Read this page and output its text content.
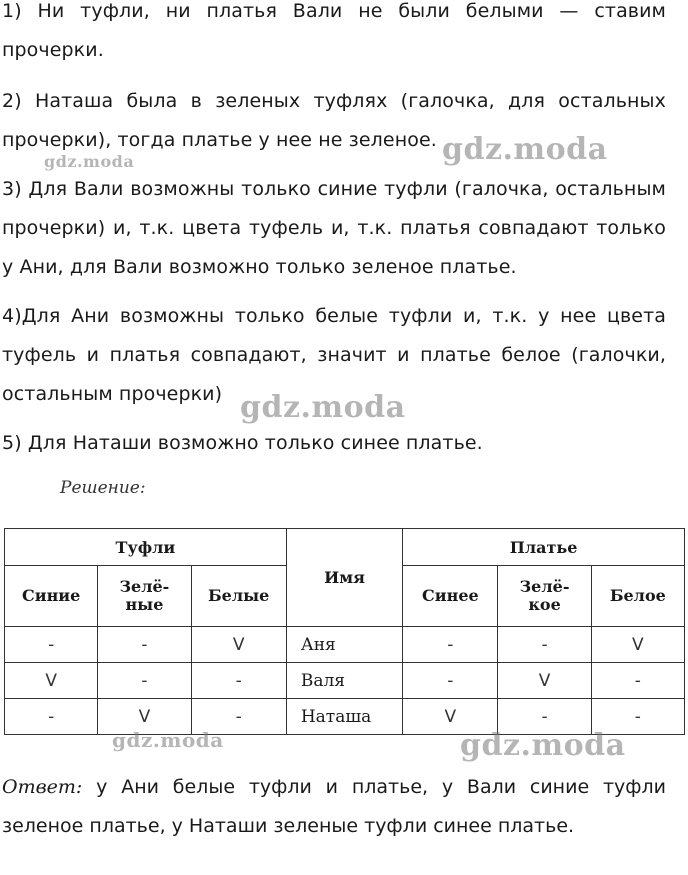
1) Ни туфли, ни платья Вали не были белыми — ставим прочерки.
2) Наташа была в зеленых туфлях (галочка, для остальных прочерки), тогда платье у нее не зеленое.
3) Для Вали возможны только синие туфли (галочка, остальным прочерки) и, т.к. цвета туфель и, т.к. платья совпадают только у Ани, для Вали возможно только зеленое платье.
4)Для Ани возможны только белые туфли и, т.к. у нее цвета туфель и платья совпадают, значит и платье белое (галочки, остальным прочерки)
5) Для Наташи возможно только синее платье.
Решение:
Туфли			Имя	Платье		
Синие	Зелё-ные	Белые		Синее	Зелё-кое	Белое
-	-	V	Аня	-	-	V
V	-	-	Валя	-	V	-
-	V	-	Наташа	V	-	-
Ответ: у Ани белые туфли и платье, у Вали синие туфли зеленое платье, у Наташи зеленые туфли синее платье.
gdz.moda
gdz.moda
gdz.moda
gdz.moda	gdz.moda
